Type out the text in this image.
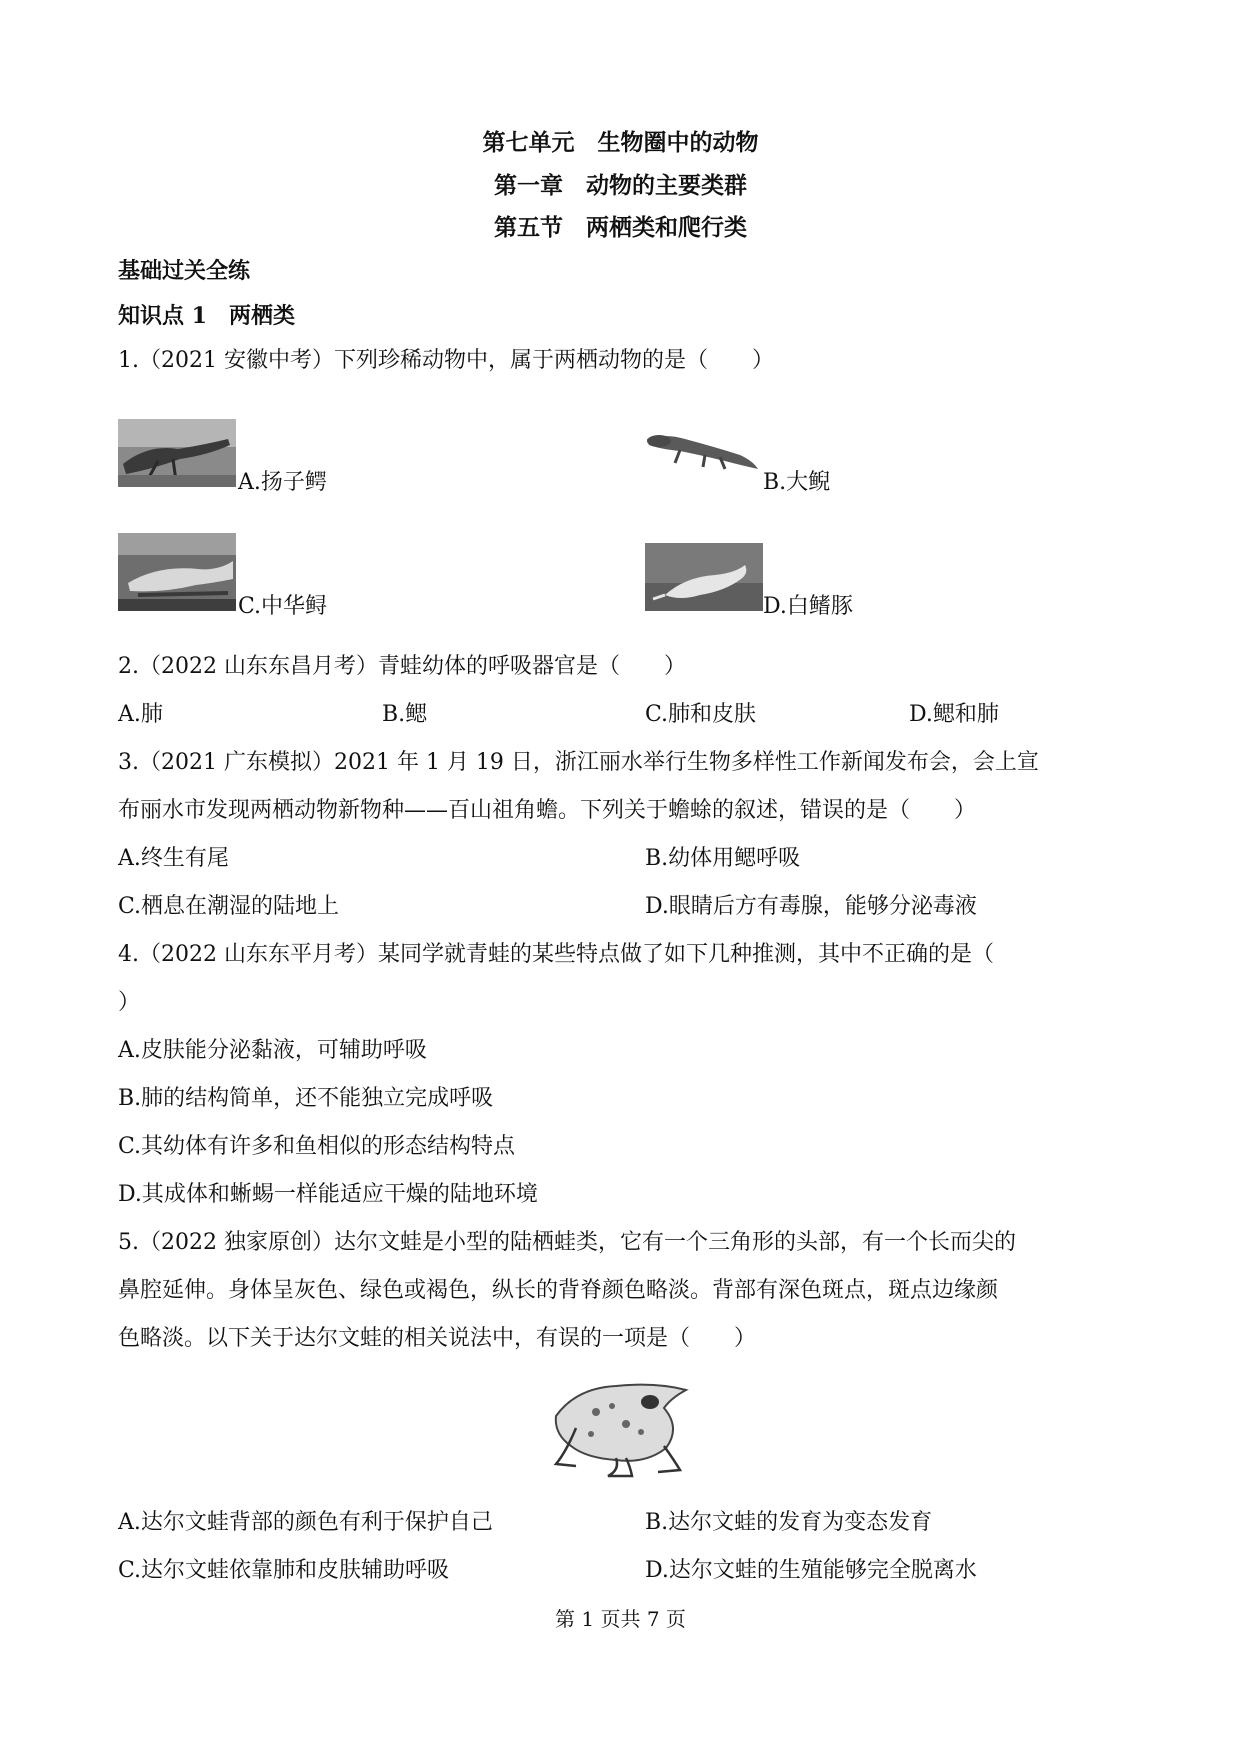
第七单元　生物圈中的动物
第一章　动物的主要类群
第五节　两栖类和爬行类
基础过关全练
知识点 1　两栖类
1.（2021 安徽中考）下列珍稀动物中，属于两栖动物的是（　　）
A.扬子鳄	B.大鲵
C.中华鲟	D.白鳍豚
2.（2022 山东东昌月考）青蛙幼体的呼吸器官是（　　）
A.肺	B.鳃	C.肺和皮肤	D.鳃和肺
3.（2021 广东模拟）2021 年 1 月 19 日，浙江丽水举行生物多样性工作新闻发布会，会上宣
布丽水市发现两栖动物新物种——百山祖角蟾。下列关于蟾蜍的叙述，错误的是（　　）
A.终生有尾	B.幼体用鳃呼吸
C.栖息在潮湿的陆地上	D.眼睛后方有毒腺，能够分泌毒液
4.（2022 山东东平月考）某同学就青蛙的某些特点做了如下几种推测，其中不正确的是（
）
A.皮肤能分泌黏液，可辅助呼吸
B.肺的结构简单，还不能独立完成呼吸
C.其幼体有许多和鱼相似的形态结构特点
D.其成体和蜥蜴一样能适应干燥的陆地环境
5.（2022 独家原创）达尔文蛙是小型的陆栖蛙类，它有一个三角形的头部，有一个长而尖的
鼻腔延伸。身体呈灰色、绿色或褐色，纵长的背脊颜色略淡。背部有深色斑点，斑点边缘颜
色略淡。以下关于达尔文蛙的相关说法中，有误的一项是（　　）
A.达尔文蛙背部的颜色有利于保护自己	B.达尔文蛙的发育为变态发育
C.达尔文蛙依靠肺和皮肤辅助呼吸	D.达尔文蛙的生殖能够完全脱离水
第 1 页共 7 页
